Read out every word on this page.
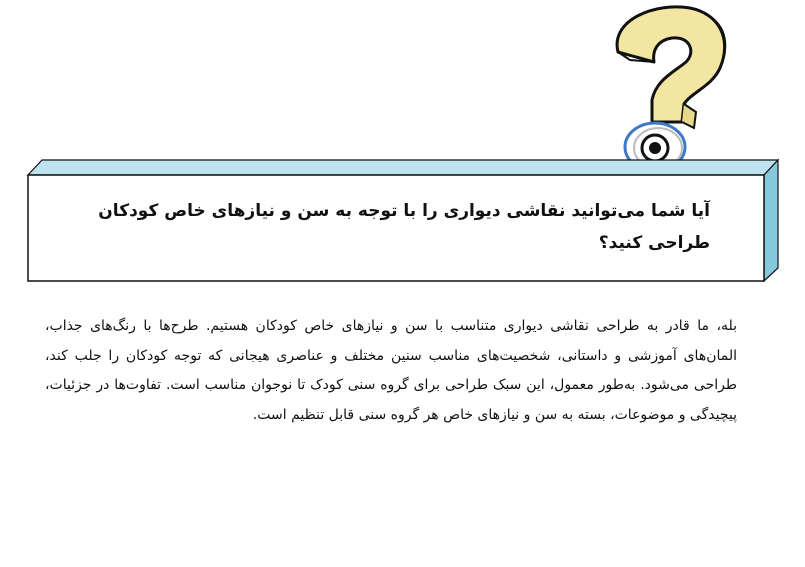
آیا شما می‌توانید نقاشی دیواری را با توجه به سن و نیازهای خاص کودکان طراحی کنید؟
بله، ما قادر به طراحی نقاشی دیواری متناسب با سن و نیازهای خاص کودکان هستیم. طرح‌ها با رنگ‌های جذاب، المان‌های آموزشی و داستانی، شخصیت‌های مناسب سنین مختلف و عناصری هیجانی که توجه کودکان را جلب کند، طراحی می‌شود. به‌طور معمول، این سبک طراحی برای گروه سنی کودک تا نوجوان مناسب است. تفاوت‌ها در جزئیات، پیچیدگی و موضوعات، بسته به سن و نیازهای خاص هر گروه سنی قابل تنظیم است.
